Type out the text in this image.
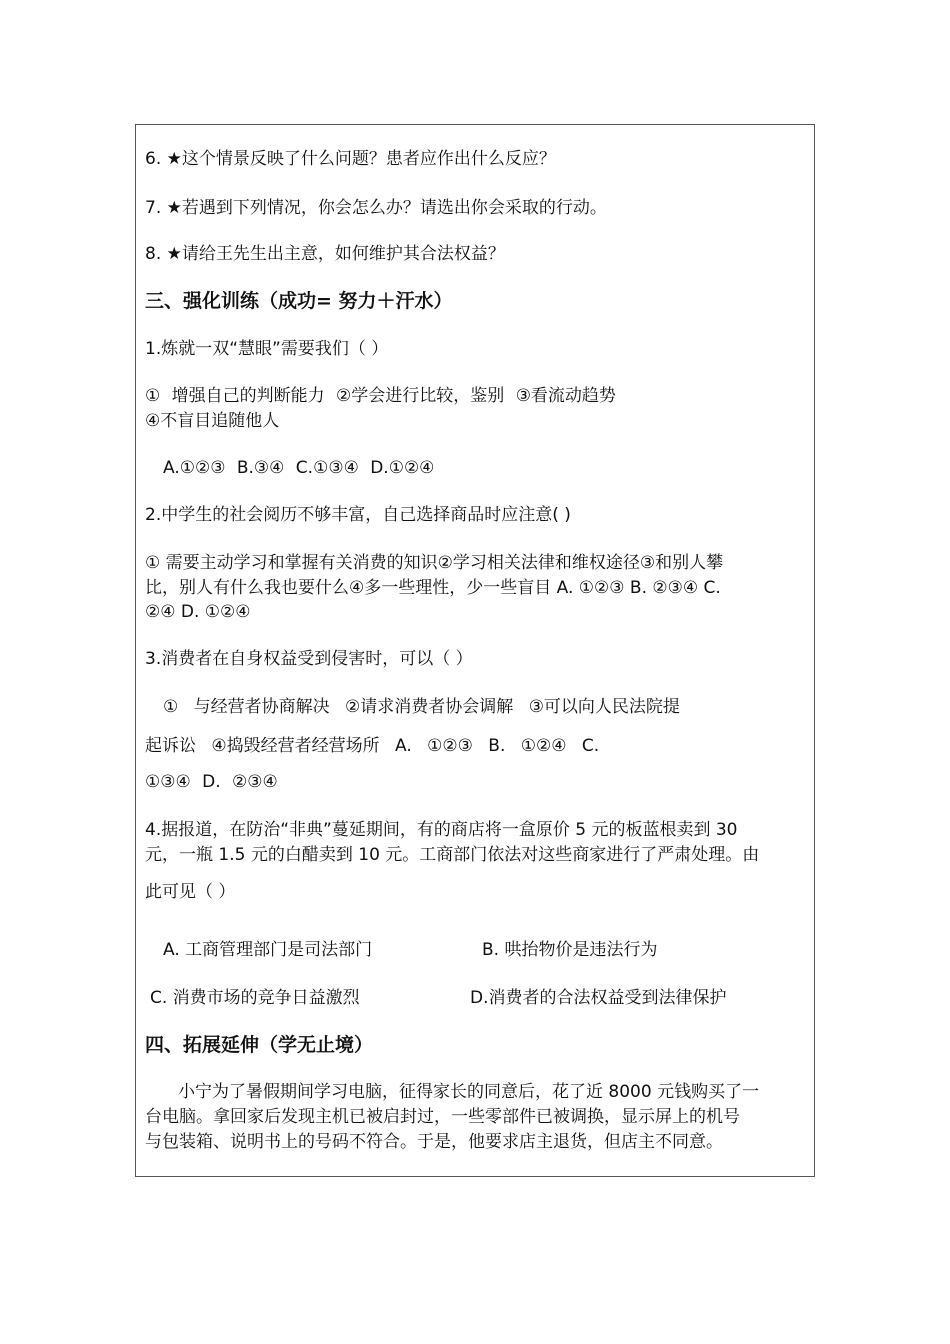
6. ★这个情景反映了什么问题？患者应作出什么反应？

7. ★若遇到下列情况，你会怎么办？请选出你会采取的行动。

8. ★请给王先生出主意，如何维护其合法权益？

三、强化训练（成功= 努力＋汗水）

1.炼就一双“慧眼”需要我们（ ）

① 增强自己的判断能力 ②学会进行比较，鉴别 ③看流动趋势

④不盲目追随他人

A.①②③ B.③④ C.①③④ D.①②④

2.中学生的社会阅历不够丰富，自己选择商品时应注意( )

① 需要主动学习和掌握有关消费的知识②学习相关法律和维权途径③和别人攀

比，别人有什么我也要什么④多一些理性，少一些盲目 A. ①②③ B. ②③④ C.

②④ D. ①②④

3.消费者在自身权益受到侵害时，可以（ ）

① 与经营者协商解决 ②请求消费者协会调解 ③可以向人民法院提

起诉讼 ④捣毁经营者经营场所 A. ①②③ B. ①②④ C.

①③④ D. ②③④

4.据报道，在防治“非典”蔓延期间，有的商店将一盒原价 5 元的板蓝根卖到 30

元，一瓶 1.5 元的白醋卖到 10 元。工商部门依法对这些商家进行了严肃处理。由

此可见（ ）

A. 工商管理部门是司法部门	B. 哄抬物价是违法行为

C. 消费市场的竞争日益激烈	D.消费者的合法权益受到法律保护

四、拓展延伸（学无止境）

小宁为了暑假期间学习电脑，征得家长的同意后，花了近 8000 元钱购买了一

台电脑。拿回家后发现主机已被启封过，一些零部件已被调换，显示屏上的机号

与包装箱、说明书上的号码不符合。于是，他要求店主退货，但店主不同意。
